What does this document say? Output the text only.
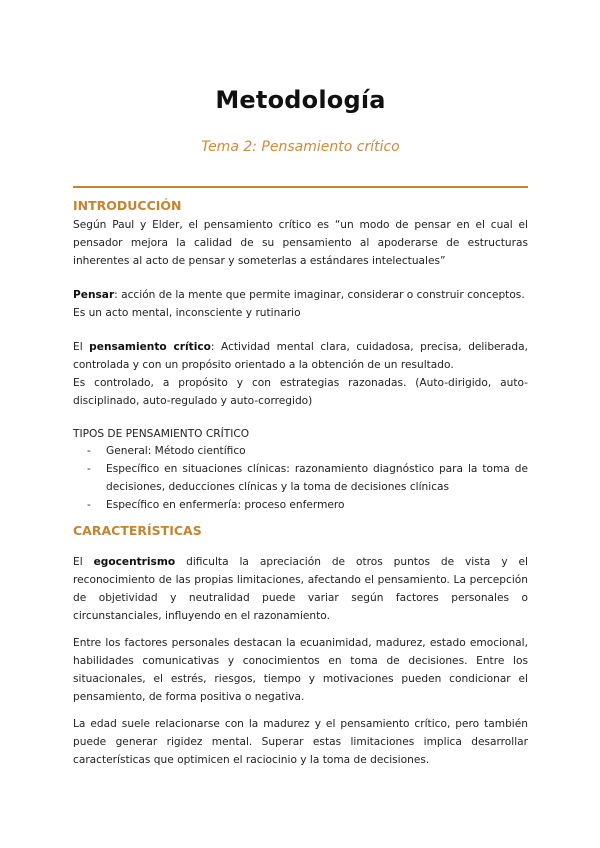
Metodología
Tema 2: Pensamiento crítico
INTRODUCCIÓN
Según Paul y Elder, el pensamiento crítico es “un modo de pensar en el cual el pensador mejora la calidad de su pensamiento al apoderarse de estructuras inherentes al acto de pensar y someterlas a estándares intelectuales”
Pensar: acción de la mente que permite imaginar, considerar o construir conceptos.
Es un acto mental, inconsciente y rutinario
El pensamiento crítico: Actividad mental clara, cuidadosa, precisa, deliberada, controlada y con un propósito orientado a la obtención de un resultado.
Es controlado, a propósito y con estrategias razonadas. (Auto-dirigido, auto-disciplinado, auto-regulado y auto-corregido)
TIPOS DE PENSAMIENTO CRÍTICO
- General: Método científico
- Específico en situaciones clínicas: razonamiento diagnóstico para la toma de decisiones, deducciones clínicas y la toma de decisiones clínicas
- Específico en enfermería: proceso enfermero
CARACTERÍSTICAS
El egocentrismo dificulta la apreciación de otros puntos de vista y el reconocimiento de las propias limitaciones, afectando el pensamiento. La percepción de objetividad y neutralidad puede variar según factores personales o circunstanciales, influyendo en el razonamiento.
Entre los factores personales destacan la ecuanimidad, madurez, estado emocional, habilidades comunicativas y conocimientos en toma de decisiones. Entre los situacionales, el estrés, riesgos, tiempo y motivaciones pueden condicionar el pensamiento, de forma positiva o negativa.
La edad suele relacionarse con la madurez y el pensamiento crítico, pero también puede generar rigidez mental. Superar estas limitaciones implica desarrollar características que optimicen el raciocinio y la toma de decisiones.
